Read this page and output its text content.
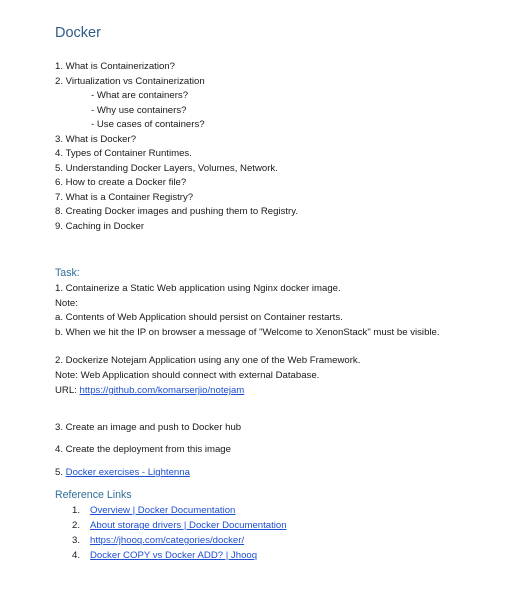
Docker
1. What is Containerization?
2. Virtualization vs Containerization
- What are containers?
- Why use containers?
- Use cases of containers?
3. What is Docker?
4. Types of Container Runtimes.
5. Understanding Docker Layers, Volumes, Network.
6. How to create a Docker file?
7. What is a Container Registry?
8. Creating Docker images and pushing them to Registry.
9. Caching in Docker
Task:
1. Containerize a Static Web application using Nginx docker image.
Note:
a. Contents of Web Application should persist on Container restarts.
b. When we hit the IP on browser a message of "Welcome to XenonStack" must be visible.
2. Dockerize Notejam Application using any one of the Web Framework.
Note: Web Application should connect with external Database.
URL: https://github.com/komarserjio/notejam
3. Create an image and push to Docker hub
4. Create the deployment from this image
5. Docker exercises - Lightenna
Reference Links
1. Overview | Docker Documentation
2. About storage drivers | Docker Documentation
3. https://jhooq.com/categories/docker/
4. Docker COPY vs Docker ADD? | Jhooq
